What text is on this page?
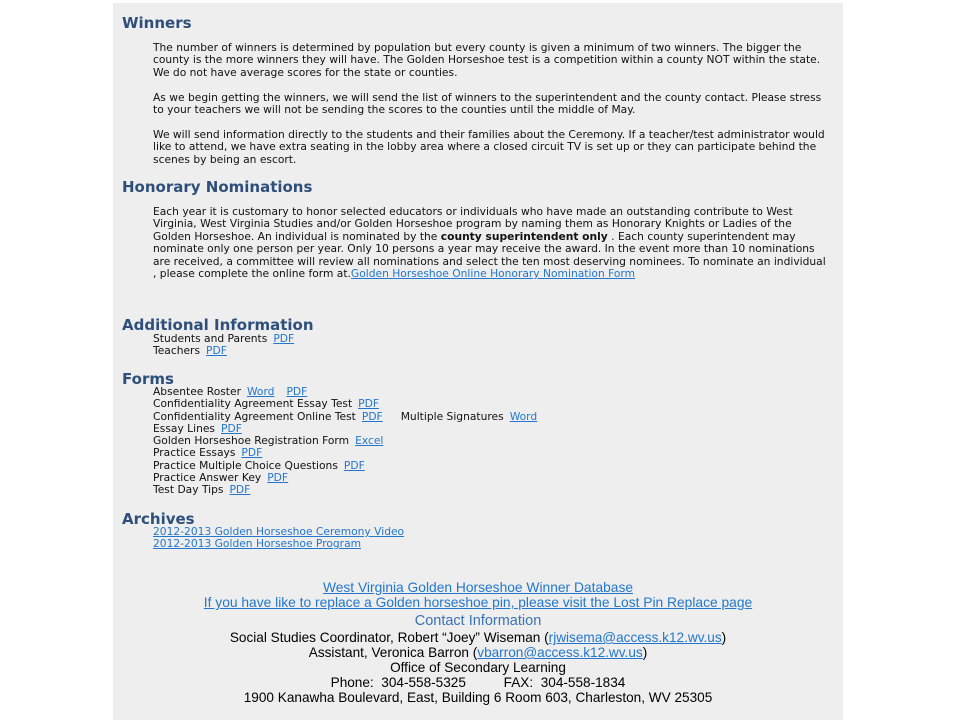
Winners

The number of winners is determined by population but every county is given a minimum of two winners. The bigger the county is the more winners they will have. The Golden Horseshoe test is a competition within a county NOT within the state. We do not have average scores for the state or counties.

As we begin getting the winners, we will send the list of winners to the superintendent and the county contact. Please stress to your teachers we will not be sending the scores to the counties until the middle of May.

We will send information directly to the students and their families about the Ceremony. If a teacher/test administrator would like to attend, we have extra seating in the lobby area where a closed circuit TV is set up or they can participate behind the scenes by being an escort.

Honorary Nominations

Each year it is customary to honor selected educators or individuals who have made an outstanding contribute to West Virginia, West Virginia Studies and/or Golden Horseshoe program by naming them as Honorary Knights or Ladies of the Golden Horseshoe. An individual is nominated by the county superintendent only . Each county superintendent may nominate only one person per year. Only 10 persons a year may receive the award. In the event more than 10 nominations are received, a committee will review all nominations and select the ten most deserving nominees. To nominate an individual , please complete the online form at.Golden Horseshoe Online Honorary Nomination Form

Additional Information
Students and Parents PDF
Teachers PDF
Forms
Absentee Roster Word PDF
Confidentiality Agreement Essay Test PDF
Confidentiality Agreement Online Test PDF Multiple Signatures Word
Essay Lines PDF
Golden Horseshoe Registration Form Excel
Practice Essays PDF
Practice Multiple Choice Questions PDF
Practice Answer Key PDF
Test Day Tips PDF
Archives
2012-2013 Golden Horseshoe Ceremony Video
2012-2013 Golden Horseshoe Program
West Virginia Golden Horseshoe Winner Database
If you have like to replace a Golden horseshoe pin, please visit the Lost Pin Replace page
Contact Information
Social Studies Coordinator, Robert “Joey” Wiseman (rjwisema@access.k12.wv.us)
Assistant, Veronica Barron (vbarron@access.k12.wv.us)
Office of Secondary Learning
Phone:  304-558-5325          FAX:  304-558-1834
1900 Kanawha Boulevard, East, Building 6 Room 603, Charleston, WV 25305
